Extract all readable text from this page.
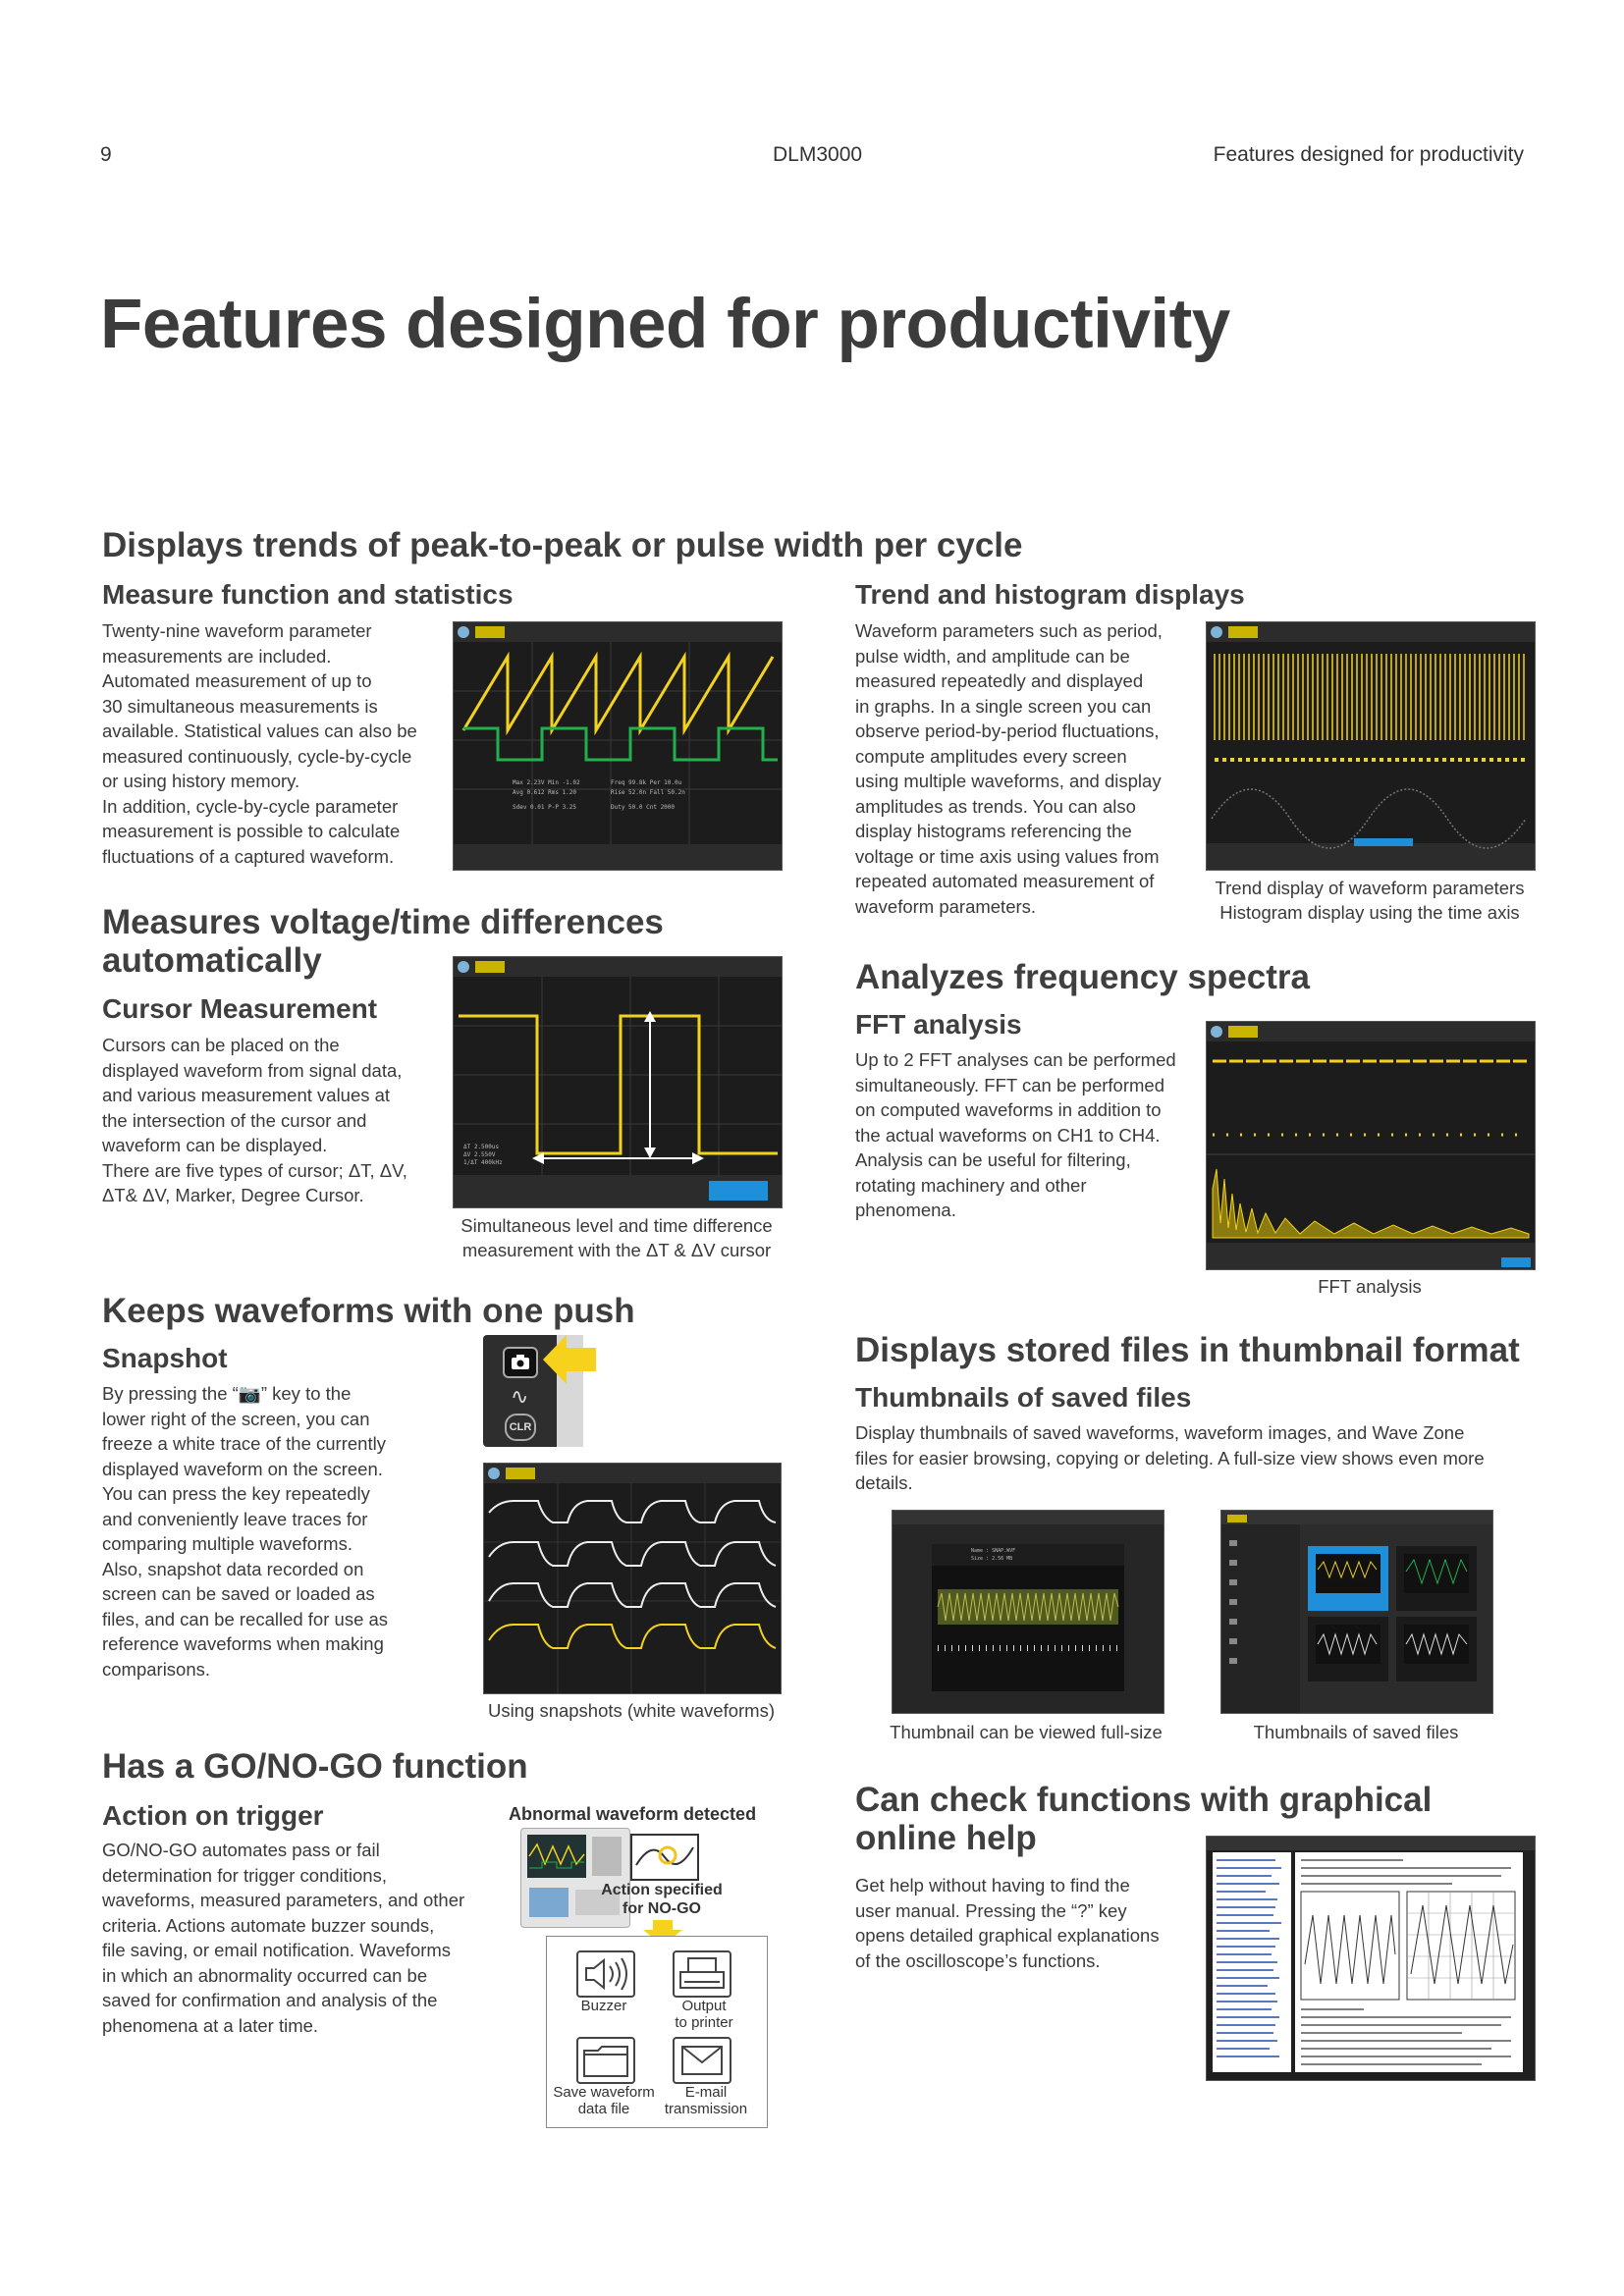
9	DLM3000	Features designed for productivity
Features designed for productivity
Displays trends of peak-to-peak or pulse width per cycle
Measure function and statistics
Twenty-nine waveform parameter
measurements are included.
Automated measurement of up to
30 simultaneous measurements is
available. Statistical values can also be
measured continuously, cycle-by-cycle
or using history memory.
In addition, cycle-by-cycle parameter
measurement is possible to calculate
fluctuations of a captured waveform.
Max 2.23V Min -1.02
Avg 0.612 Rms 1.20
Freq 99.8k Per 10.0u
Rise 52.0n Fall 50.2n
Sdev 0.01 P-P 3.25	Duty 50.0 Cnt 2000
Measures voltage/time differences
automatically
Cursor Measurement
Cursors can be placed on the
displayed waveform from signal data,
and various measurement values at
the intersection of the cursor and
waveform can be displayed.
There are five types of cursor; ΔT, ΔV,
ΔT& ΔV, Marker, Degree Cursor.
ΔT 2.500us
ΔV 2.550V
1/ΔT 400kHz
Simultaneous level and time difference
measurement with the ΔT & ΔV cursor
Keeps waveforms with one push
Snapshot
By pressing the “📷” key to the
lower right of the screen, you can
freeze a white trace of the currently
displayed waveform on the screen.
You can press the key repeatedly
and conveniently leave traces for
comparing multiple waveforms.
Also, snapshot data recorded on
screen can be saved or loaded as
files, and can be recalled for use as
reference waveforms when making
comparisons.
∿
CLR
Using snapshots (white waveforms)
Has a GO/NO-GO function
Action on trigger
GO/NO-GO automates pass or fail
determination for trigger conditions,
waveforms, measured parameters, and other
criteria. Actions automate buzzer sounds,
file saving, or email notification. Waveforms
in which an abnormality occurred can be
saved for confirmation and analysis of the
phenomena at a later time.
Abnormal waveform detected
Action specified
for NO-GO
Buzzer	Output
to printer
Save waveform
data file
E-mail
transmission
Trend and histogram displays
Waveform parameters such as period,
pulse width, and amplitude can be
measured repeatedly and displayed
in graphs. In a single screen you can
observe period-by-period fluctuations,
compute amplitudes every screen
using multiple waveforms, and display
amplitudes as trends. You can also
display histograms referencing the
voltage or time axis using values from
repeated automated measurement of
waveform parameters.
Trend display of waveform parameters
Histogram display using the time axis
Analyzes frequency spectra
FFT analysis
Up to 2 FFT analyses can be performed
simultaneously. FFT can be performed
on computed waveforms in addition to
the actual waveforms on CH1 to CH4.
Analysis can be useful for filtering,
rotating machinery and other
phenomena.
FFT analysis
Displays stored files in thumbnail format
Thumbnails of saved files
Display thumbnails of saved waveforms, waveform images, and Wave Zone
files for easier browsing, copying or deleting. A full-size view shows even more
details.
Name : SNAP.WVF
Size : 2.56 MB
Thumbnail can be viewed full-size	Thumbnails of saved files
Can check functions with graphical
online help
Get help without having to find the
user manual. Pressing the “?” key
opens detailed graphical explanations
of the oscilloscope’s functions.
